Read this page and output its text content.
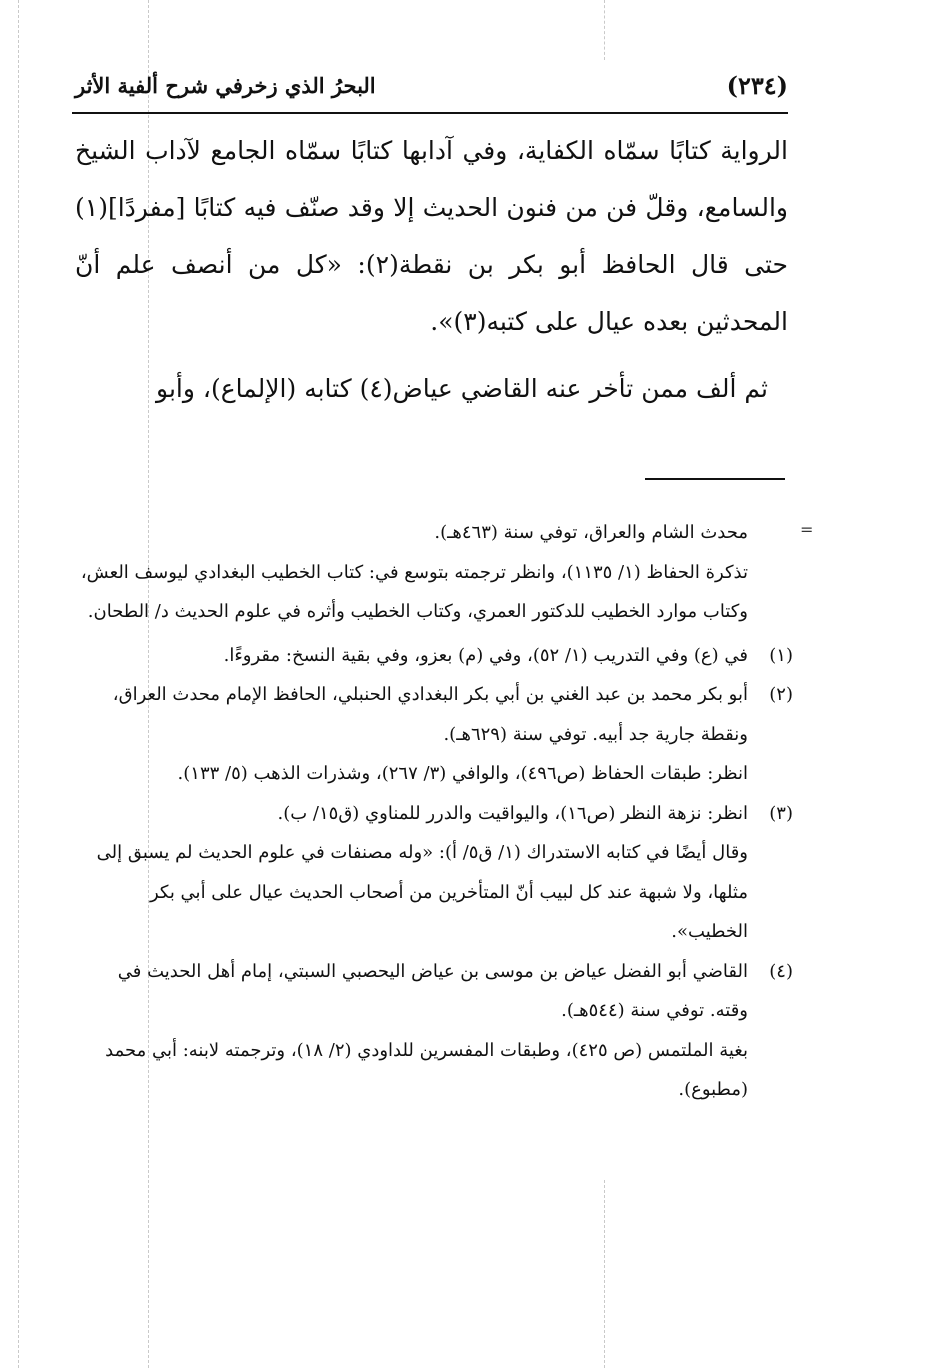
(٢٣٤)
البحرُ الذي زخرفي شرح ألفية الأثر

الرواية كتابًا سمّاه الكفاية، وفي آدابها كتابًا سمّاه الجامع لآداب الشيخ والسامع، وقلّ فن من فنون الحديث إلا وقد صنّف فيه كتابًا [مفردًا](١) حتى قال الحافظ أبو بكر بن نقطة(٢): «كل من أنصف علم أنّ المحدثين بعده عيال على كتبه(٣)».

ثم ألف ممن تأخر عنه القاضي عياض(٤) كتابه (الإلماع)، وأبو

=

محدث الشام والعراق، توفي سنة (٤٦٣هـ).

تذكرة الحفاظ (١/ ١١٣٥)، وانظر ترجمته بتوسع في: كتاب الخطيب البغدادي ليوسف العش، وكتاب موارد الخطيب للدكتور العمري، وكتاب الخطيب وأثره في علوم الحديث د/ الطحان.

(١)في (ع) وفي التدريب (١/ ٥٢)، وفي (م) بعزو، وفي بقية النسخ: مقروءًا.

(٢)أبو بكر محمد بن عبد الغني بن أبي بكر البغدادي الحنبلي، الحافظ الإمام محدث العراق، ونقطة جارية جد أبيه. توفي سنة (٦٢٩هـ).

انظر: طبقات الحفاظ (ص٤٩٦)، والوافي (٣/ ٢٦٧)، وشذرات الذهب (٥/ ١٣٣).

(٣)انظر: نزهة النظر (ص١٦)، واليواقيت والدرر للمناوي (ق١٥/ ب).

وقال أيضًا في كتابه الاستدراك (١/ ق٥/ أ): «وله مصنفات في علوم الحديث لم يسبق إلى مثلها، ولا شبهة عند كل لبيب أنّ المتأخرين من أصحاب الحديث عيال على أبي بكر الخطيب».

(٤)القاضي أبو الفضل عياض بن موسى بن عياض اليحصبي السبتي، إمام أهل الحديث في وقته. توفي سنة (٥٤٤هـ).

بغية الملتمس (ص ٤٢٥)، وطبقات المفسرين للداودي (٢/ ١٨)، وترجمته لابنه: أبي محمد (مطبوع).
